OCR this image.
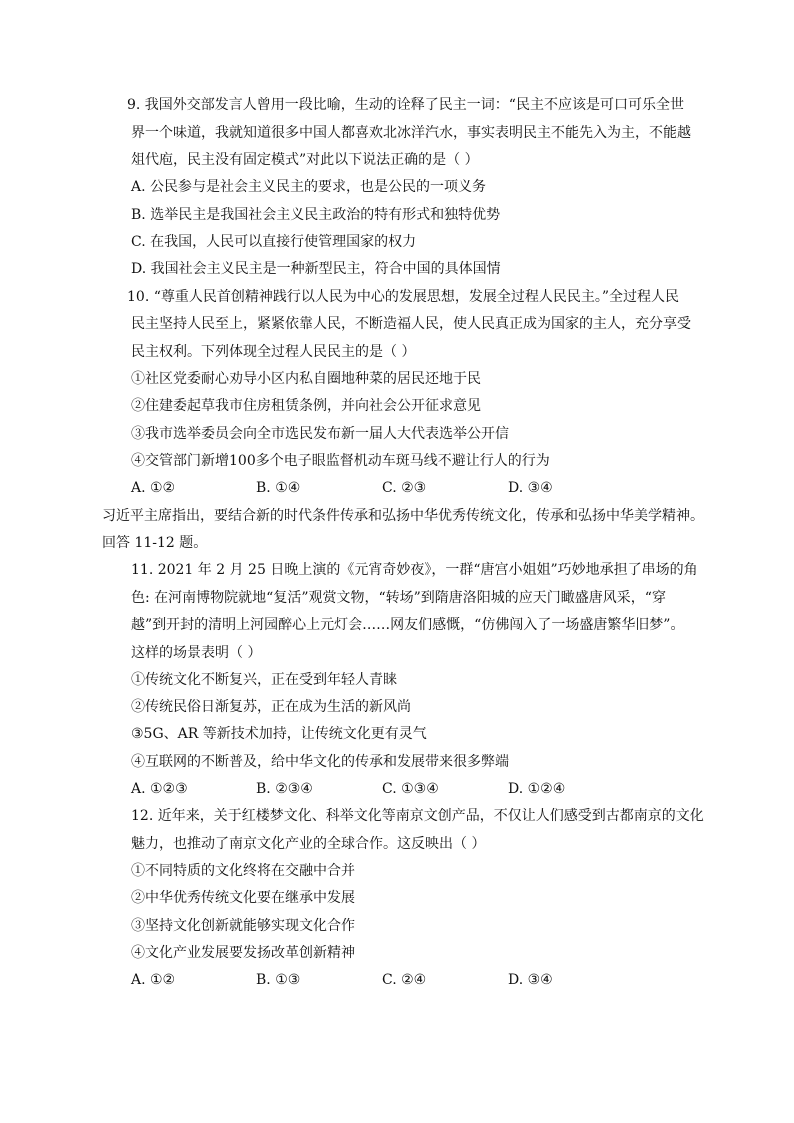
9. 我国外交部发言人曾用一段比喻，生动的诠释了民主一词：“民主不应该是可口可乐全世
界一个味道，我就知道很多中国人都喜欢北冰洋汽水，事实表明民主不能先入为主，不能越
俎代庖，民主没有固定模式”对此以下说法正确的是（ ）
A. 公民参与是社会主义民主的要求，也是公民的一项义务
B. 选举民主是我国社会主义民主政治的特有形式和独特优势
C. 在我国，人民可以直接行使管理国家的权力
D. 我国社会主义民主是一种新型民主，符合中国的具体国情
10. “尊重人民首创精神践行以人民为中心的发展思想，发展全过程人民民主。”全过程人民
民主坚持人民至上，紧紧依靠人民，不断造福人民，使人民真正成为国家的主人，充分享受
民主权利。下列体现全过程人民民主的是（ ）
①社区党委耐心劝导小区内私自圈地种菜的居民还地于民
②住建委起草我市住房租赁条例，并向社会公开征求意见
③我市选举委员会向全市选民发布新一届人大代表选举公开信
④交管部门新增100多个电子眼监督机动车斑马线不避让行人的行为
A. ①②	B. ①④	C. ②③	D. ③④
习近平主席指出，要结合新的时代条件传承和弘扬中华优秀传统文化，传承和弘扬中华美学精神。
回答 11-12 题。
11. 2021 年 2 月 25 日晚上演的《元宵奇妙夜》，一群“唐宫小姐姐”巧妙地承担了串场的角
色: 在河南博物院就地“复活”观赏文物，“转场”到隋唐洛阳城的应天门瞰盛唐风采，“穿
越”到开封的清明上河园醉心上元灯会……网友们感慨，“仿佛闯入了一场盛唐繁华旧梦”。
这样的场景表明（ ）
①传统文化不断复兴，正在受到年轻人青睐
②传统民俗日渐复苏，正在成为生活的新风尚
③5G、AR 等新技术加持，让传统文化更有灵气
④互联网的不断普及，给中华文化的传承和发展带来很多弊端
A. ①②③	B. ②③④	C. ①③④	D. ①②④
12. 近年来，关于红楼梦文化、科举文化等南京文创产品，不仅让人们感受到古都南京的文化
魅力，也推动了南京文化产业的全球合作。这反映出（ ）
①不同特质的文化终将在交融中合并
②中华优秀传统文化要在继承中发展
③坚持文化创新就能够实现文化合作
④文化产业发展要发扬改革创新精神
A. ①②	B. ①③	C. ②④	D. ③④
